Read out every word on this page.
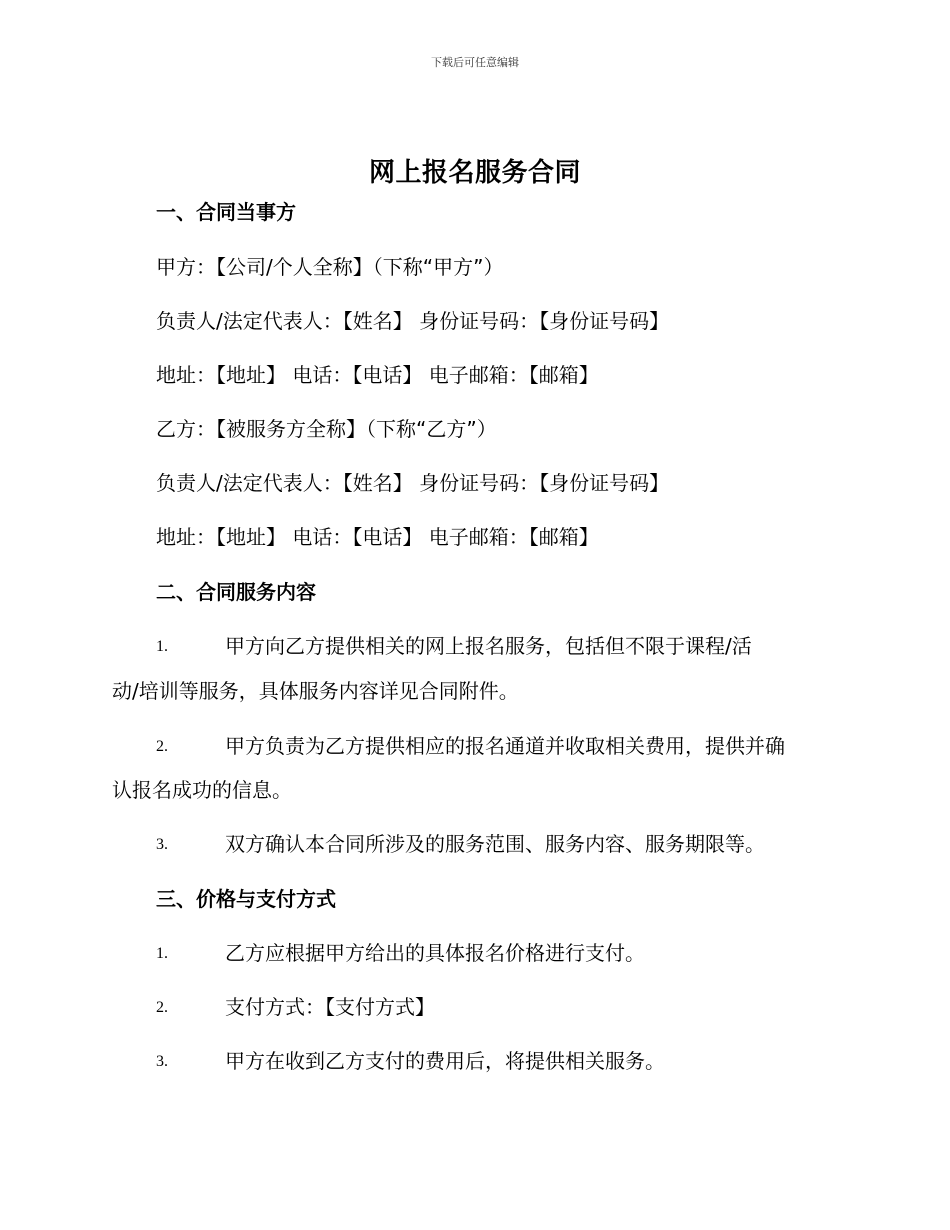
下载后可任意编辑
网上报名服务合同
一、合同当事方
甲方：【公司/个人全称】（下称“甲方”）
负责人/法定代表人：【姓名】 身份证号码：【身份证号码】
地址：【地址】 电话：【电话】 电子邮箱：【邮箱】
乙方：【被服务方全称】（下称“乙方”）
负责人/法定代表人：【姓名】 身份证号码：【身份证号码】
地址：【地址】 电话：【电话】 电子邮箱：【邮箱】
二、合同服务内容
1.	甲方向乙方提供相关的网上报名服务，包括但不限于课程/活
动/培训等服务，具体服务内容详见合同附件。
2.	甲方负责为乙方提供相应的报名通道并收取相关费用，提供并确
认报名成功的信息。
3.	双方确认本合同所涉及的服务范围、服务内容、服务期限等。
三、价格与支付方式
1.	乙方应根据甲方给出的具体报名价格进行支付。
2.	支付方式：【支付方式】
3.	甲方在收到乙方支付的费用后，将提供相关服务。
